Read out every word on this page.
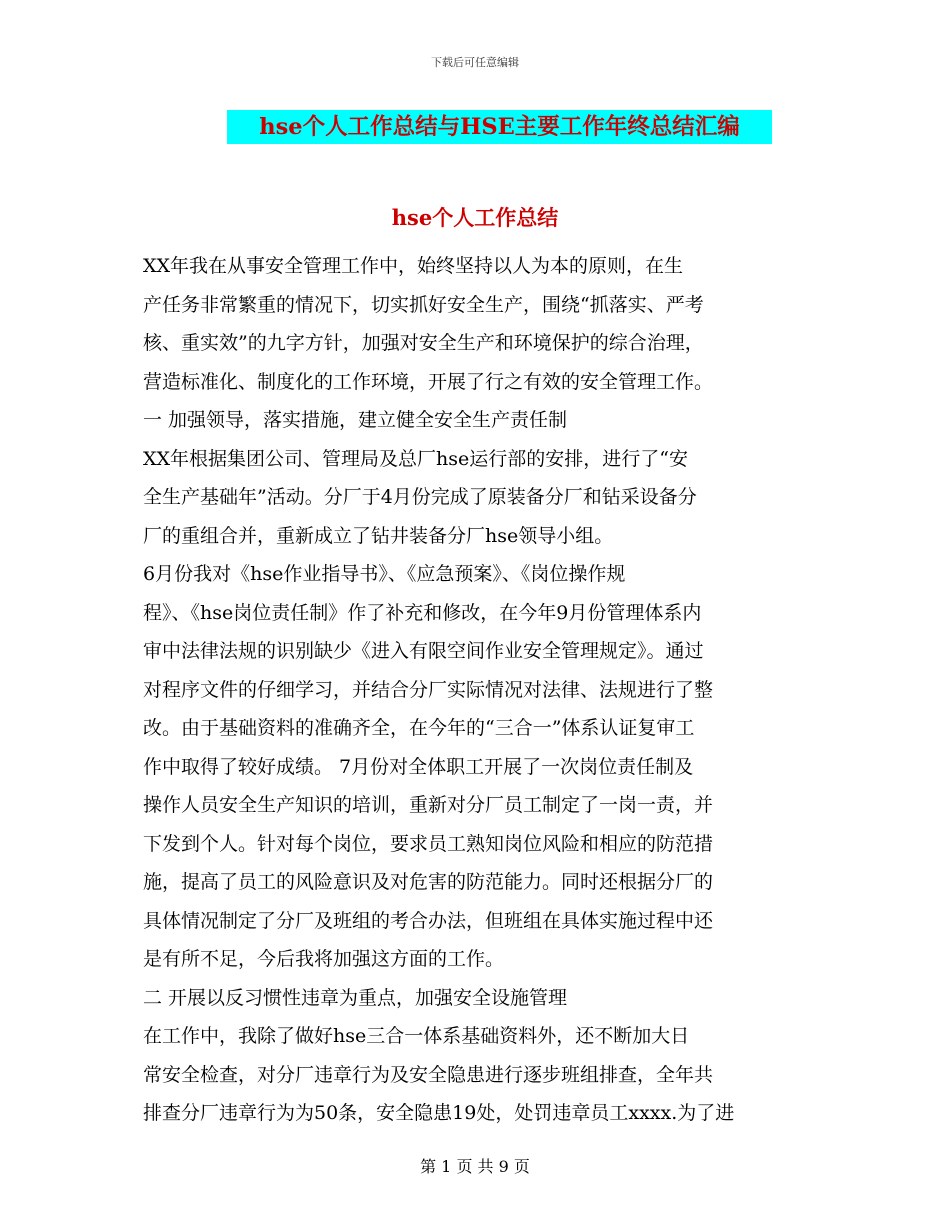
下载后可任意编辑
hse个人工作总结与HSE主要工作年终总结汇编
hse个人工作总结
XX年我在从事安全管理工作中，始终坚持以人为本的原则，在生
产任务非常繁重的情况下，切实抓好安全生产，围绕“抓落实、严考
核、重实效”的九字方针，加强对安全生产和环境保护的综合治理，
营造标准化、制度化的工作环境，开展了行之有效的安全管理工作。
一 加强领导，落实措施，建立健全安全生产责任制
XX年根据集团公司、管理局及总厂hse运行部的安排，进行了“安
全生产基础年”活动。分厂于4月份完成了原装备分厂和钻采设备分
厂的重组合并，重新成立了钻井装备分厂hse领导小组。
6月份我对《hse作业指导书》、《应急预案》、《岗位操作规
程》、《hse岗位责任制》作了补充和修改，在今年9月份管理体系内
审中法律法规的识别缺少《进入有限空间作业安全管理规定》。通过
对程序文件的仔细学习，并结合分厂实际情况对法律、法规进行了整
改。由于基础资料的准确齐全，在今年的“三合一”体系认证复审工
作中取得了较好成绩。 7月份对全体职工开展了一次岗位责任制及
操作人员安全生产知识的培训，重新对分厂员工制定了一岗一责，并
下发到个人。针对每个岗位，要求员工熟知岗位风险和相应的防范措
施，提高了员工的风险意识及对危害的防范能力。同时还根据分厂的
具体情况制定了分厂及班组的考合办法，但班组在具体实施过程中还
是有所不足，今后我将加强这方面的工作。
二 开展以反习惯性违章为重点，加强安全设施管理
在工作中，我除了做好hse三合一体系基础资料外，还不断加大日
常安全检查，对分厂违章行为及安全隐患进行逐步班组排查，全年共
排查分厂违章行为为50条，安全隐患19处，处罚违章员工xxxx.为了进
第 1 页 共 9 页
